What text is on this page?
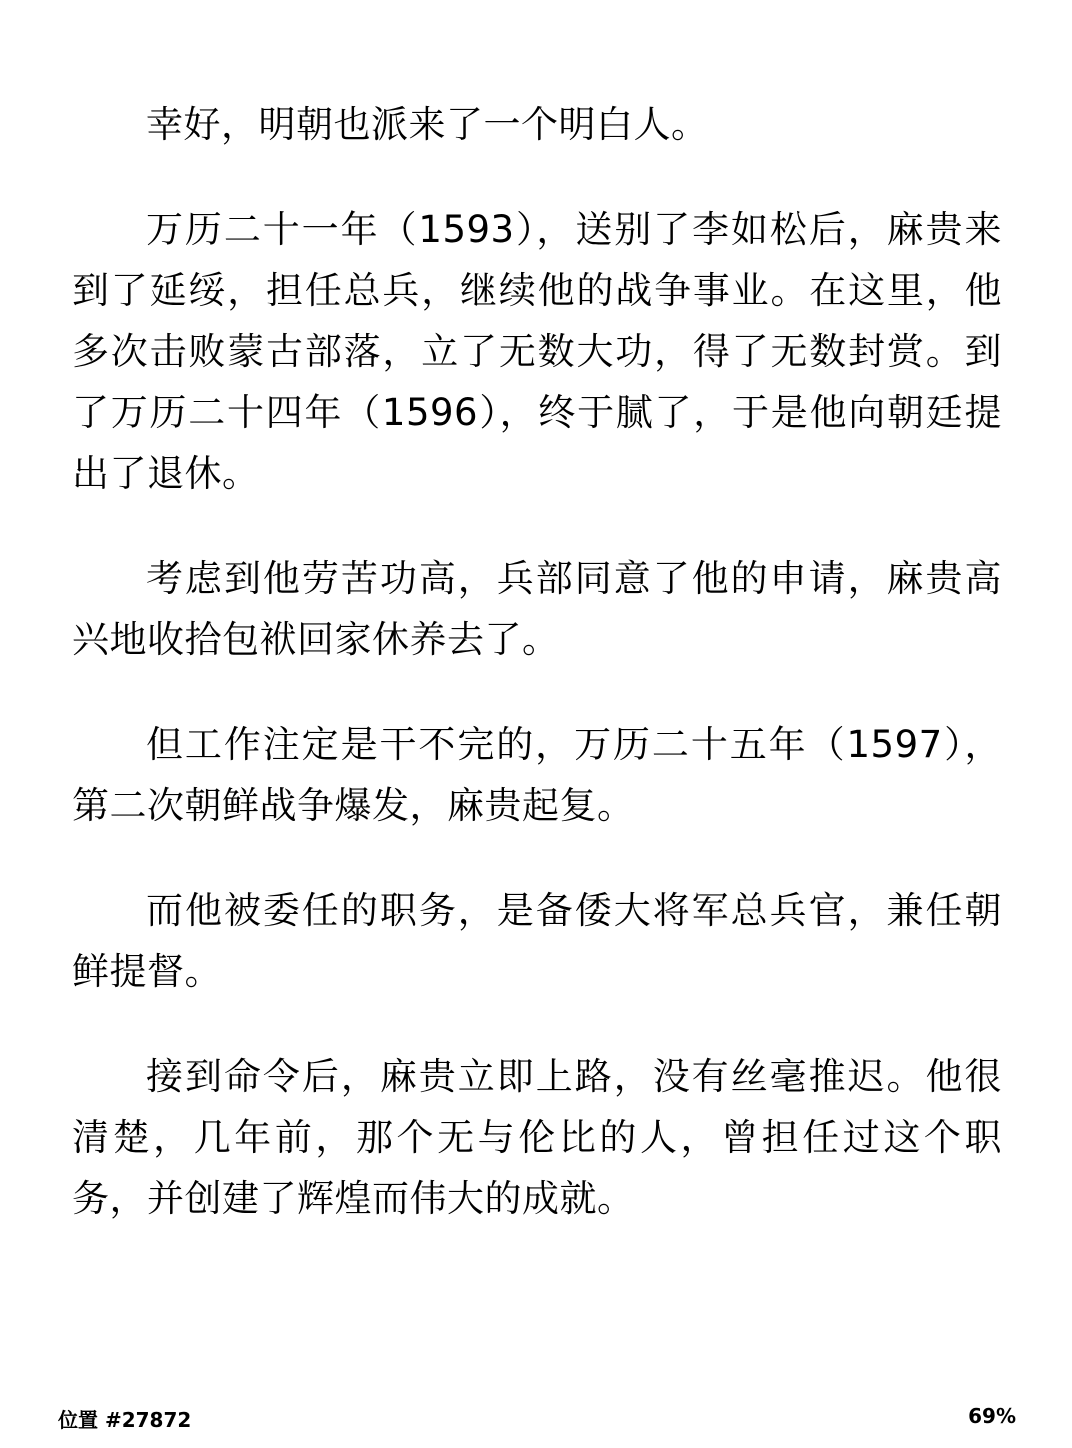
幸好，明朝也派来了一个明白人。

万历二十一年（1593），送别了李如松后，麻贵来到了延绥，担任总兵，继续他的战争事业。在这里，他多次击败蒙古部落，立了无数大功，得了无数封赏。到了万历二十四年（1596），终于腻了，于是他向朝廷提出了退休。

考虑到他劳苦功高，兵部同意了他的申请，麻贵高兴地收拾包袱回家休养去了。

但工作注定是干不完的，万历二十五年（1597），第二次朝鲜战争爆发，麻贵起复。

而他被委任的职务，是备倭大将军总兵官，兼任朝鲜提督。

接到命令后，麻贵立即上路，没有丝毫推迟。他很清楚，几年前，那个无与伦比的人，曾担任过这个职务，并创建了辉煌而伟大的成就。

位置 #27872	69%
